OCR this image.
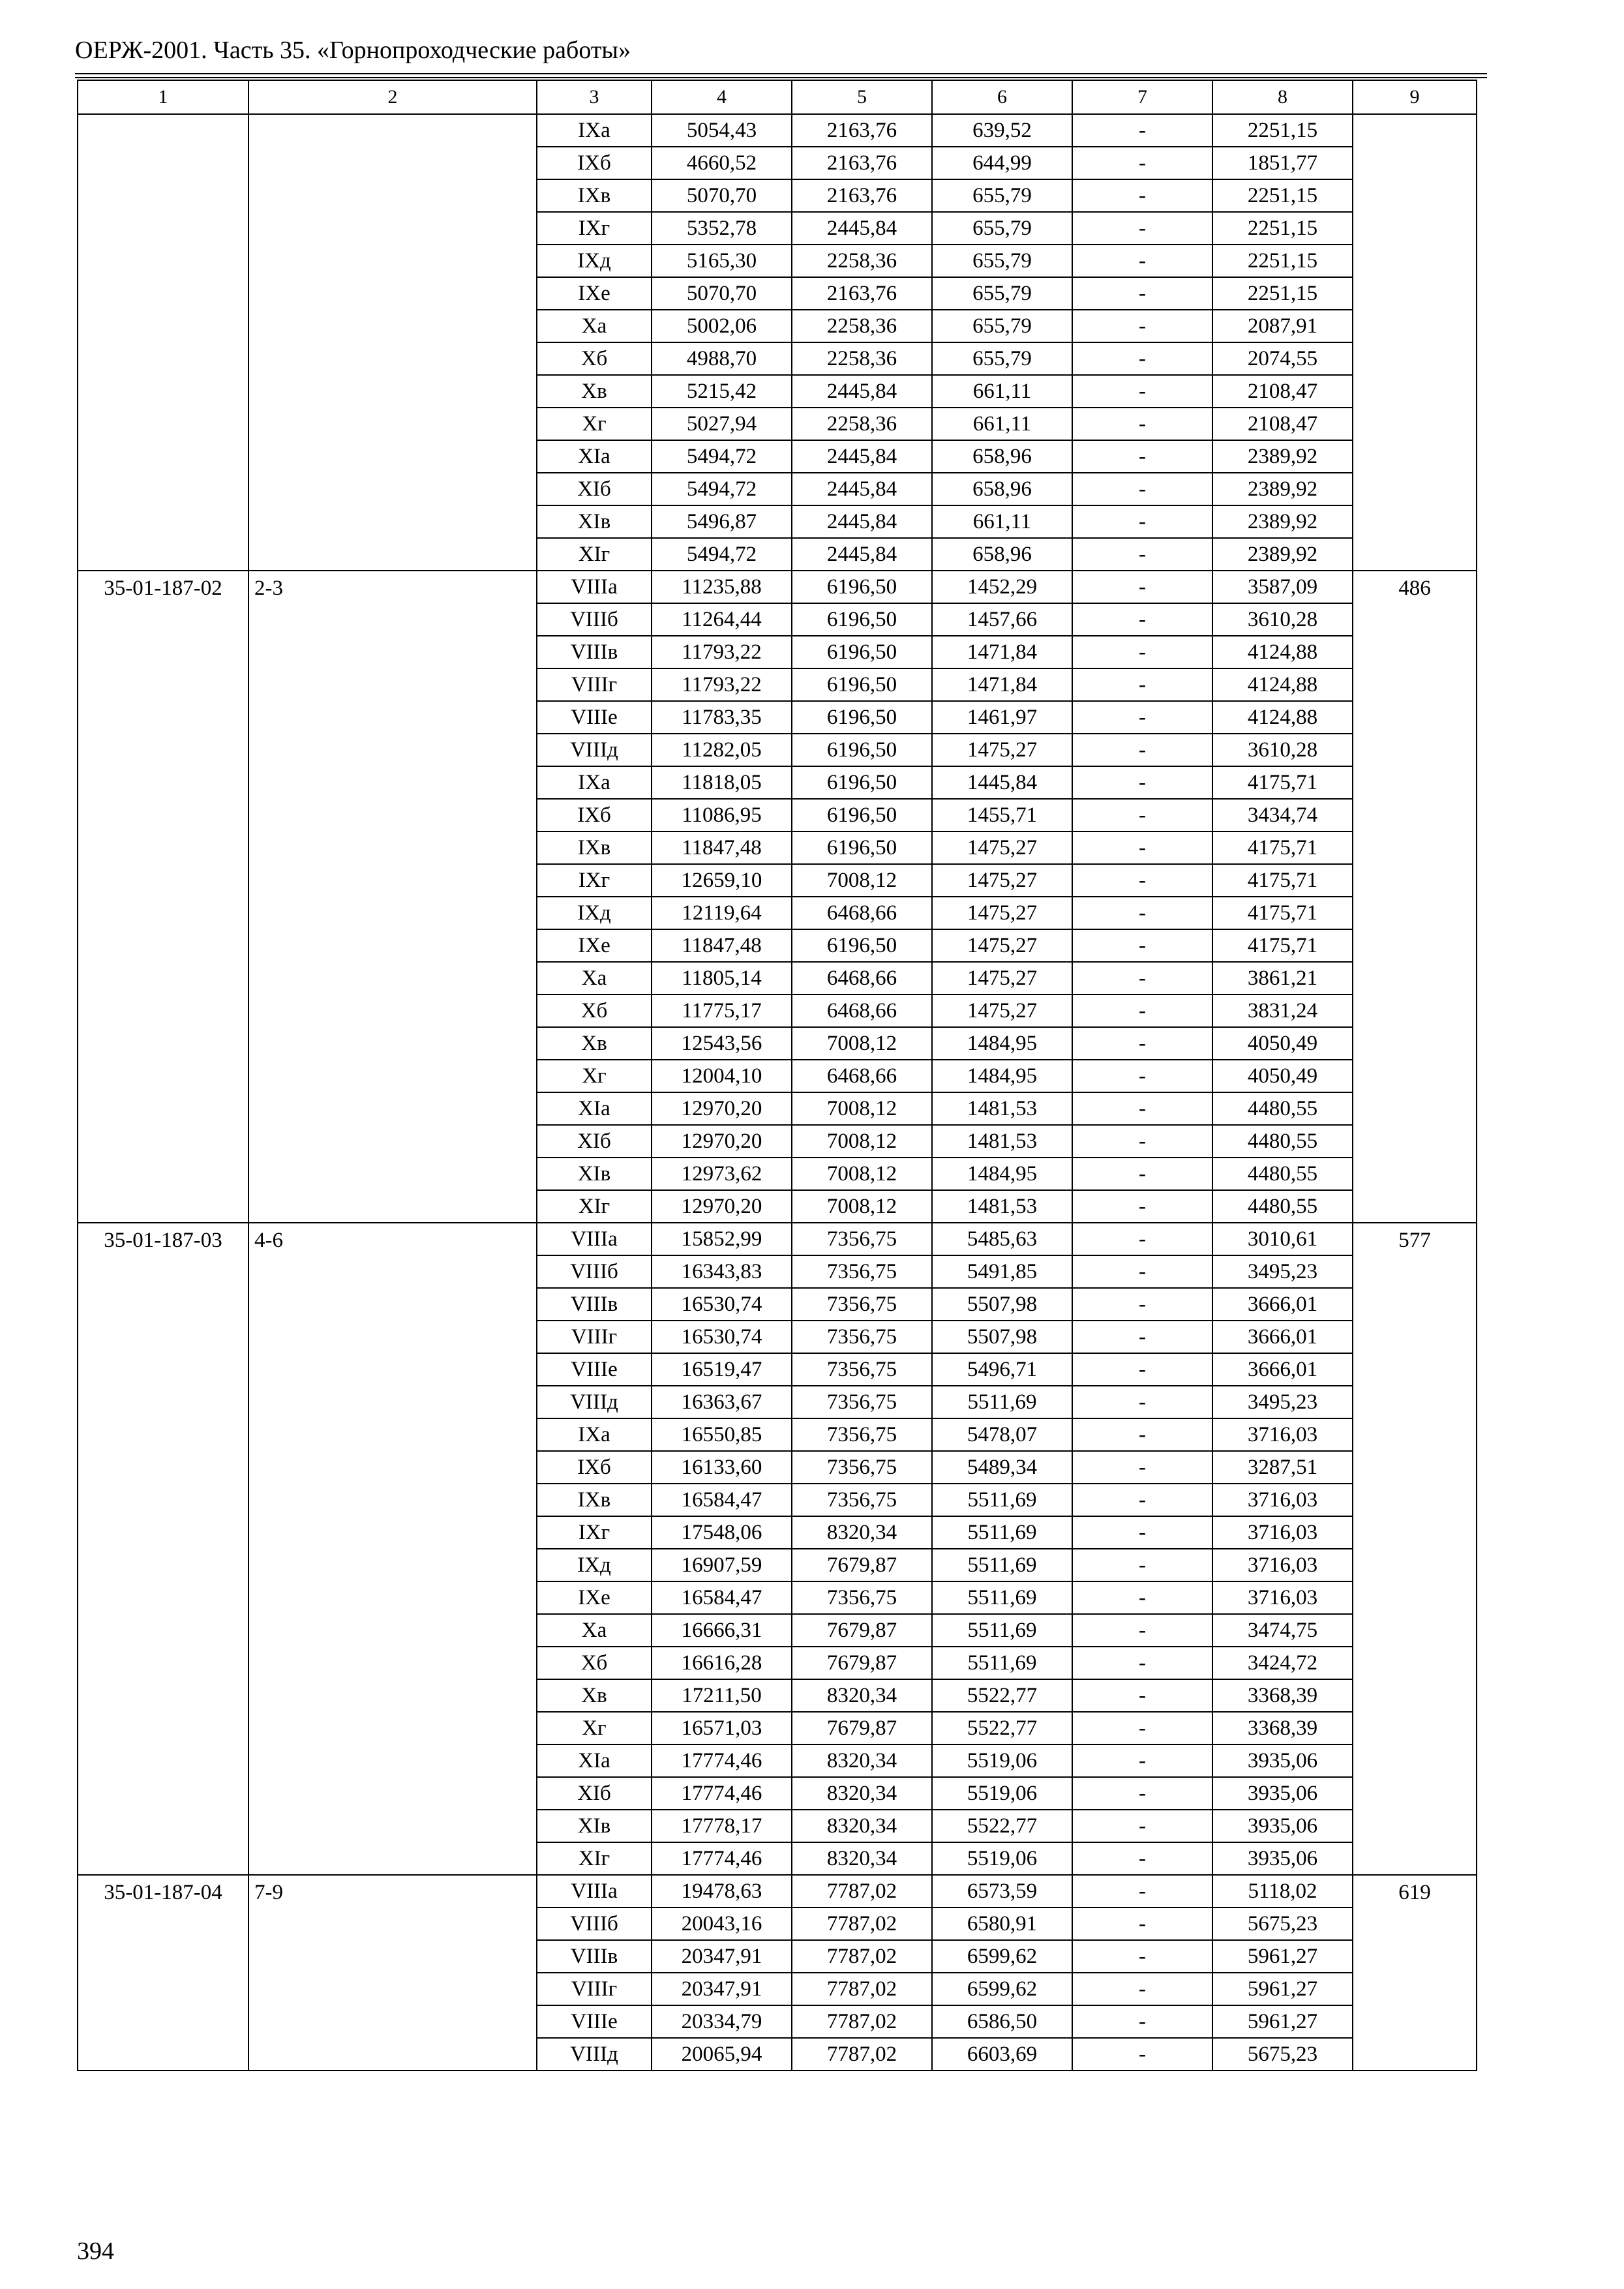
ОЕРЖ-2001. Часть 35. «Горнопроходческие работы»
1	2	3	4	5	6	7	8	9
		IXа	5054,43	2163,76	639,52	-	2251,15	
		IXб	4660,52	2163,76	644,99	-	1851,77	
		IXв	5070,70	2163,76	655,79	-	2251,15	
		IXг	5352,78	2445,84	655,79	-	2251,15	
		IXд	5165,30	2258,36	655,79	-	2251,15	
		IXе	5070,70	2163,76	655,79	-	2251,15	
		Xа	5002,06	2258,36	655,79	-	2087,91	
		Xб	4988,70	2258,36	655,79	-	2074,55	
		Xв	5215,42	2445,84	661,11	-	2108,47	
		Xг	5027,94	2258,36	661,11	-	2108,47	
		XIа	5494,72	2445,84	658,96	-	2389,92	
		XIб	5494,72	2445,84	658,96	-	2389,92	
		XIв	5496,87	2445,84	661,11	-	2389,92	
		XIг	5494,72	2445,84	658,96	-	2389,92	
35-01-187-02	2-3	VIIIа	11235,88	6196,50	1452,29	-	3587,09	486
		VIIIб	11264,44	6196,50	1457,66	-	3610,28	
		VIIIв	11793,22	6196,50	1471,84	-	4124,88	
		VIIIг	11793,22	6196,50	1471,84	-	4124,88	
		VIIIе	11783,35	6196,50	1461,97	-	4124,88	
		VIIIд	11282,05	6196,50	1475,27	-	3610,28	
		IXа	11818,05	6196,50	1445,84	-	4175,71	
		IXб	11086,95	6196,50	1455,71	-	3434,74	
		IXв	11847,48	6196,50	1475,27	-	4175,71	
		IXг	12659,10	7008,12	1475,27	-	4175,71	
		IXд	12119,64	6468,66	1475,27	-	4175,71	
		IXе	11847,48	6196,50	1475,27	-	4175,71	
		Xа	11805,14	6468,66	1475,27	-	3861,21	
		Xб	11775,17	6468,66	1475,27	-	3831,24	
		Xв	12543,56	7008,12	1484,95	-	4050,49	
		Xг	12004,10	6468,66	1484,95	-	4050,49	
		XIа	12970,20	7008,12	1481,53	-	4480,55	
		XIб	12970,20	7008,12	1481,53	-	4480,55	
		XIв	12973,62	7008,12	1484,95	-	4480,55	
		XIг	12970,20	7008,12	1481,53	-	4480,55	
35-01-187-03	4-6	VIIIа	15852,99	7356,75	5485,63	-	3010,61	577
		VIIIб	16343,83	7356,75	5491,85	-	3495,23	
		VIIIв	16530,74	7356,75	5507,98	-	3666,01	
		VIIIг	16530,74	7356,75	5507,98	-	3666,01	
		VIIIе	16519,47	7356,75	5496,71	-	3666,01	
		VIIIд	16363,67	7356,75	5511,69	-	3495,23	
		IXа	16550,85	7356,75	5478,07	-	3716,03	
		IXб	16133,60	7356,75	5489,34	-	3287,51	
		IXв	16584,47	7356,75	5511,69	-	3716,03	
		IXг	17548,06	8320,34	5511,69	-	3716,03	
		IXд	16907,59	7679,87	5511,69	-	3716,03	
		IXе	16584,47	7356,75	5511,69	-	3716,03	
		Xа	16666,31	7679,87	5511,69	-	3474,75	
		Xб	16616,28	7679,87	5511,69	-	3424,72	
		Xв	17211,50	8320,34	5522,77	-	3368,39	
		Xг	16571,03	7679,87	5522,77	-	3368,39	
		XIа	17774,46	8320,34	5519,06	-	3935,06	
		XIб	17774,46	8320,34	5519,06	-	3935,06	
		XIв	17778,17	8320,34	5522,77	-	3935,06	
		XIг	17774,46	8320,34	5519,06	-	3935,06	
35-01-187-04	7-9	VIIIа	19478,63	7787,02	6573,59	-	5118,02	619
		VIIIб	20043,16	7787,02	6580,91	-	5675,23	
		VIIIв	20347,91	7787,02	6599,62	-	5961,27	
		VIIIг	20347,91	7787,02	6599,62	-	5961,27	
		VIIIе	20334,79	7787,02	6586,50	-	5961,27	
		VIIIд	20065,94	7787,02	6603,69	-	5675,23	
394
